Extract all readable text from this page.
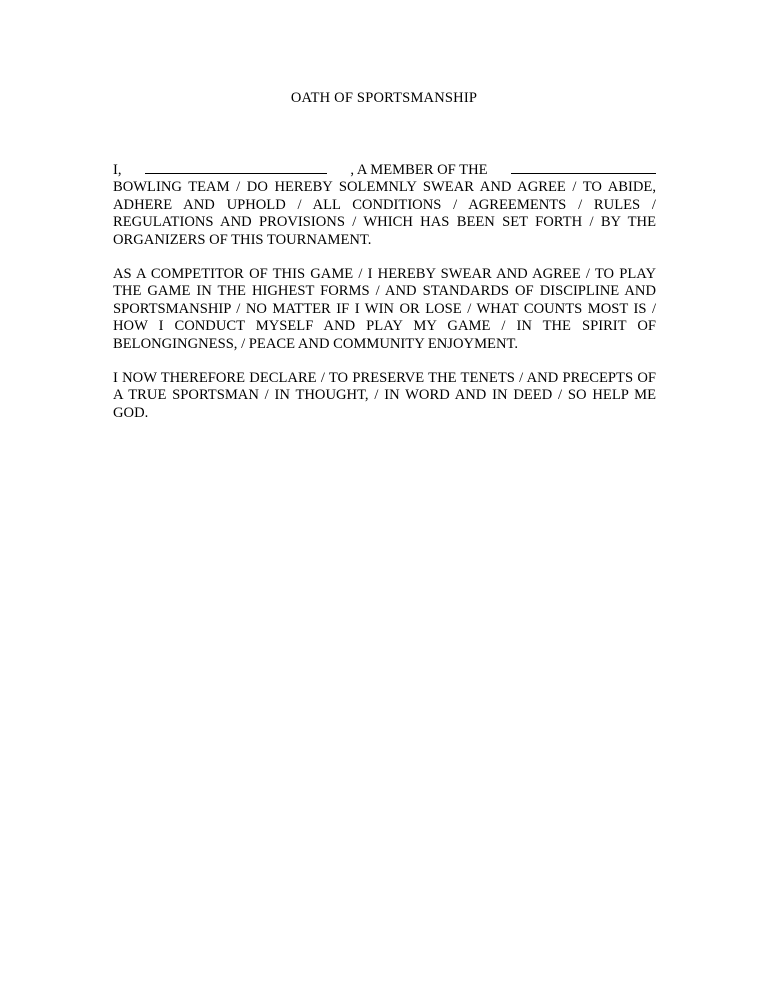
OATH OF SPORTSMANSHIP
I,	, A MEMBER OF THE
BOWLING TEAM / DO HEREBY SOLEMNLY SWEAR AND AGREE / TO ABIDE, ADHERE AND UPHOLD / ALL CONDITIONS / AGREEMENTS / RULES / REGULATIONS AND PROVISIONS / WHICH HAS BEEN SET FORTH / BY THE ORGANIZERS OF THIS TOURNAMENT.

AS A COMPETITOR OF THIS GAME / I HEREBY SWEAR AND AGREE / TO PLAY THE GAME IN THE HIGHEST FORMS / AND STANDARDS OF DISCIPLINE AND SPORTSMANSHIP / NO MATTER IF I WIN OR LOSE / WHAT COUNTS MOST IS / HOW I CONDUCT MYSELF AND PLAY MY GAME / IN THE SPIRIT OF BELONGINGNESS, / PEACE AND COMMUNITY ENJOYMENT.

I NOW THEREFORE DECLARE / TO PRESERVE THE TENETS / AND PRECEPTS OF A TRUE SPORTSMAN / IN THOUGHT, / IN WORD AND IN DEED / SO HELP ME GOD.
